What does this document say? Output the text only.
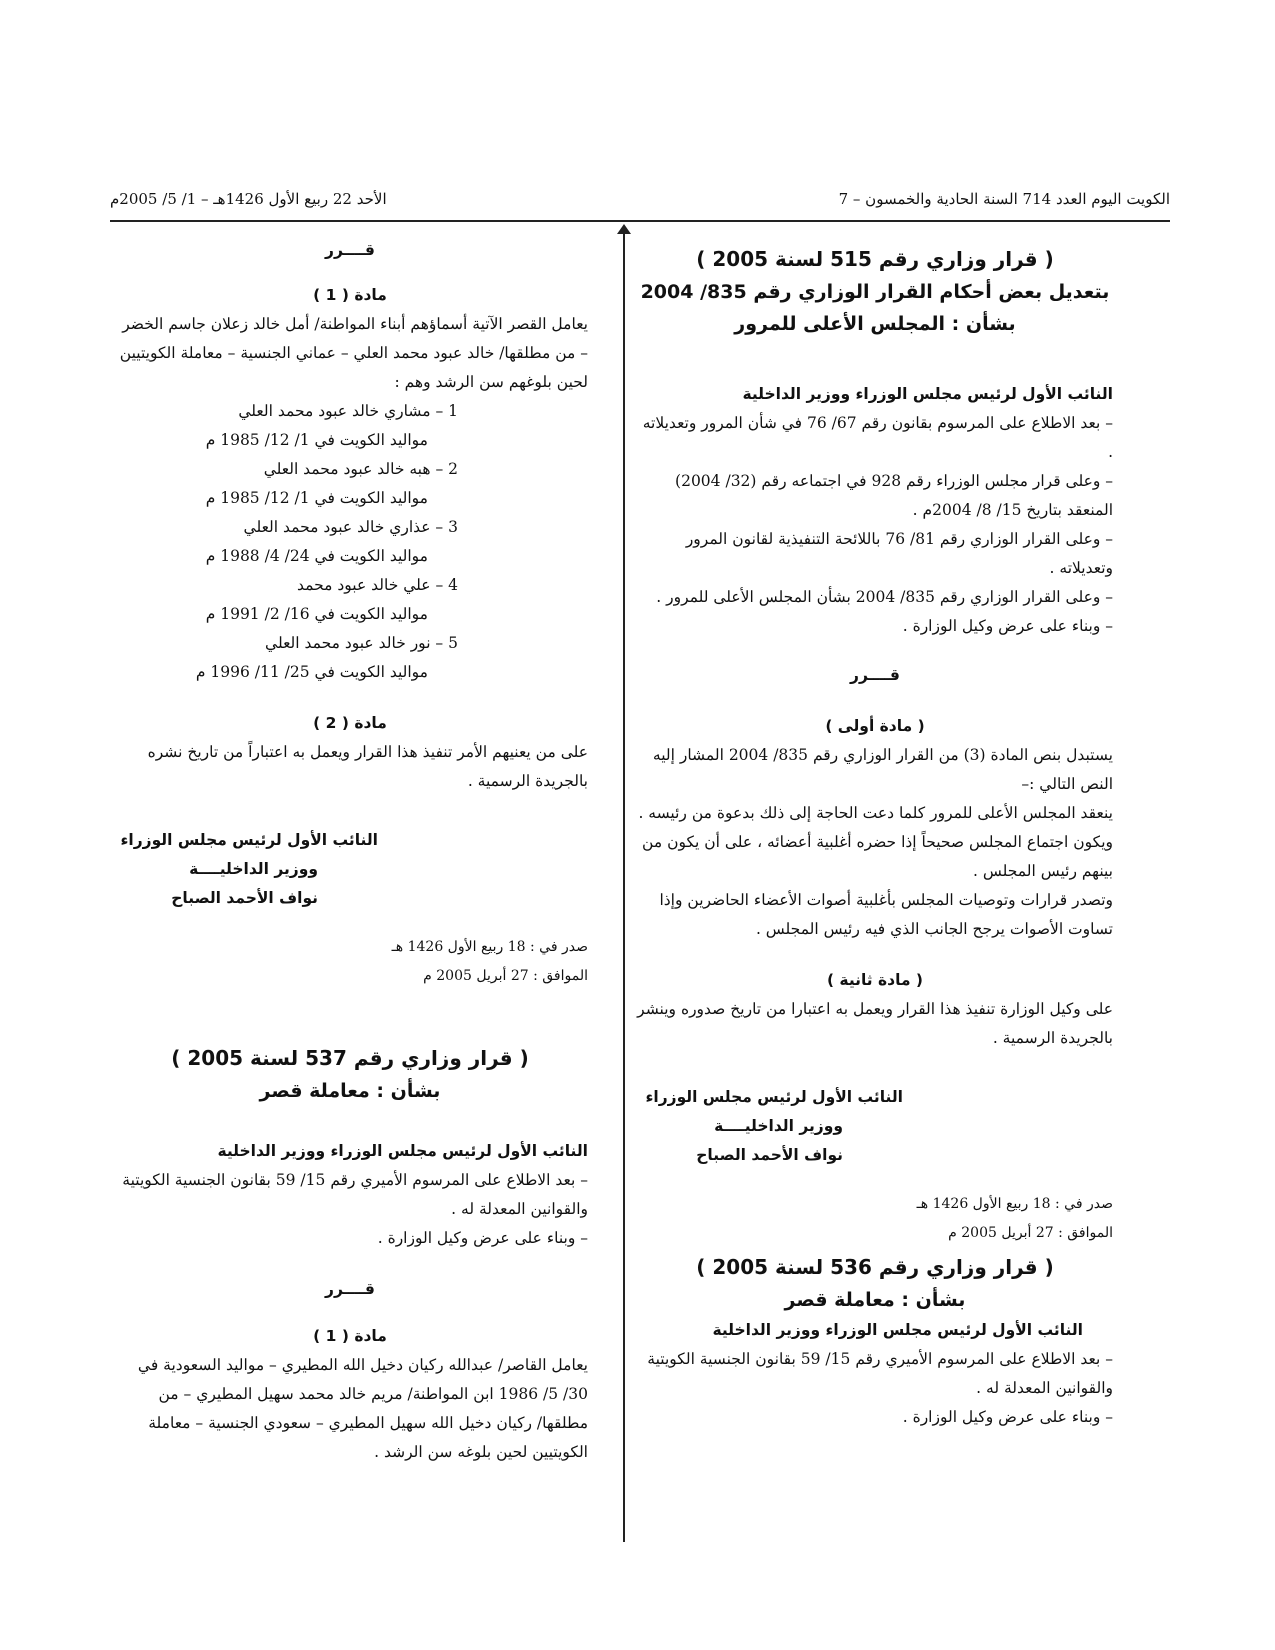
الكويت اليوم العدد 714 السنة الحادية والخمسون – 7
الأحد 22 ربيع الأول 1426هـ – 1/ 5/ 2005م

( قرار وزاري رقم 515 لسنة 2005 )

بتعديل بعض أحكام القرار الوزاري رقم 835/ 2004

بشأن : المجلس الأعلى للمرور

النائب الأول لرئيس مجلس الوزراء ووزير الداخلية

– بعد الاطلاع على المرسوم بقانون رقم 67/ 76 في شأن المرور وتعديلاته .

– وعلى قرار مجلس الوزراء رقم 928 في اجتماعه رقم (32/ 2004) المنعقد بتاريخ 15/ 8/ 2004م .

– وعلى القرار الوزاري رقم 81/ 76 باللائحة التنفيذية لقانون المرور وتعديلاته .

– وعلى القرار الوزاري رقم 835/ 2004 بشأن المجلس الأعلى للمرور .

– وبناء على عرض وكيل الوزارة .

قــــرر

( مادة أولى )

يستبدل بنص المادة (3) من القرار الوزاري رقم 835/ 2004 المشار إليه النص التالي :–

ينعقد المجلس الأعلى للمرور كلما دعت الحاجة إلى ذلك بدعوة من رئيسه .

ويكون اجتماع المجلس صحيحاً إذا حضره أغلبية أعضائه ، على أن يكون من بينهم رئيس المجلس .

وتصدر قرارات وتوصيات المجلس بأغلبية أصوات الأعضاء الحاضرين وإذا تساوت الأصوات يرجح الجانب الذي فيه رئيس المجلس .

( مادة ثانية )

على وكيل الوزارة تنفيذ هذا القرار ويعمل به اعتبارا من تاريخ صدوره وينشر بالجريدة الرسمية .

النائب الأول لرئيس مجلس الوزراء

ووزير الداخليــــة

نواف الأحمد الصباح

صدر في : 18 ربيع الأول 1426 هـ

الموافق : 27 أبريل 2005 م

( قرار وزاري رقم 536 لسنة 2005 )

بشأن : معاملة قصر

النائب الأول لرئيس مجلس الوزراء ووزير الداخلية

– بعد الاطلاع على المرسوم الأميري رقم 15/ 59 بقانون الجنسية الكويتية والقوانين المعدلة له .

– وبناء على عرض وكيل الوزارة .

قــــرر

مادة ( 1 )

يعامل القصر الآتية أسماؤهم أبناء المواطنة/ أمل خالد زعلان جاسم الخضر – من مطلقها/ خالد عبود محمد العلي – عماني الجنسية – معاملة الكويتيين لحين بلوغهم سن الرشد وهم :

1 – مشاري خالد عبود محمد العلي

مواليد الكويت في 1/ 12/ 1985 م

2 – هبه خالد عبود محمد العلي

مواليد الكويت في 1/ 12/ 1985 م

3 – عذاري خالد عبود محمد العلي

مواليد الكويت في 24/ 4/ 1988 م

4 – علي خالد عبود محمد

مواليد الكويت في 16/ 2/ 1991 م

5 – نور خالد عبود محمد العلي

مواليد الكويت في 25/ 11/ 1996 م

مادة ( 2 )

على من يعنيهم الأمر تنفيذ هذا القرار ويعمل به اعتباراً من تاريخ نشره بالجريدة الرسمية .

النائب الأول لرئيس مجلس الوزراء

ووزير الداخليــــة

نواف الأحمد الصباح

صدر في : 18 ربيع الأول 1426 هـ

الموافق : 27 أبريل 2005 م

( قرار وزاري رقم 537 لسنة 2005 )

بشأن : معاملة قصر

النائب الأول لرئيس مجلس الوزراء ووزير الداخلية

– بعد الاطلاع على المرسوم الأميري رقم 15/ 59 بقانون الجنسية الكويتية والقوانين المعدلة له .

– وبناء على عرض وكيل الوزارة .

قــــرر

مادة ( 1 )

يعامل القاصر/ عبدالله ركيان دخيل الله المطيري – مواليد السعودية في 30/ 5/ 1986 ابن المواطنة/ مريم خالد محمد سهيل المطيري – من مطلقها/ ركيان دخيل الله سهيل المطيري – سعودي الجنسية – معاملة الكويتيين لحين بلوغه سن الرشد .
